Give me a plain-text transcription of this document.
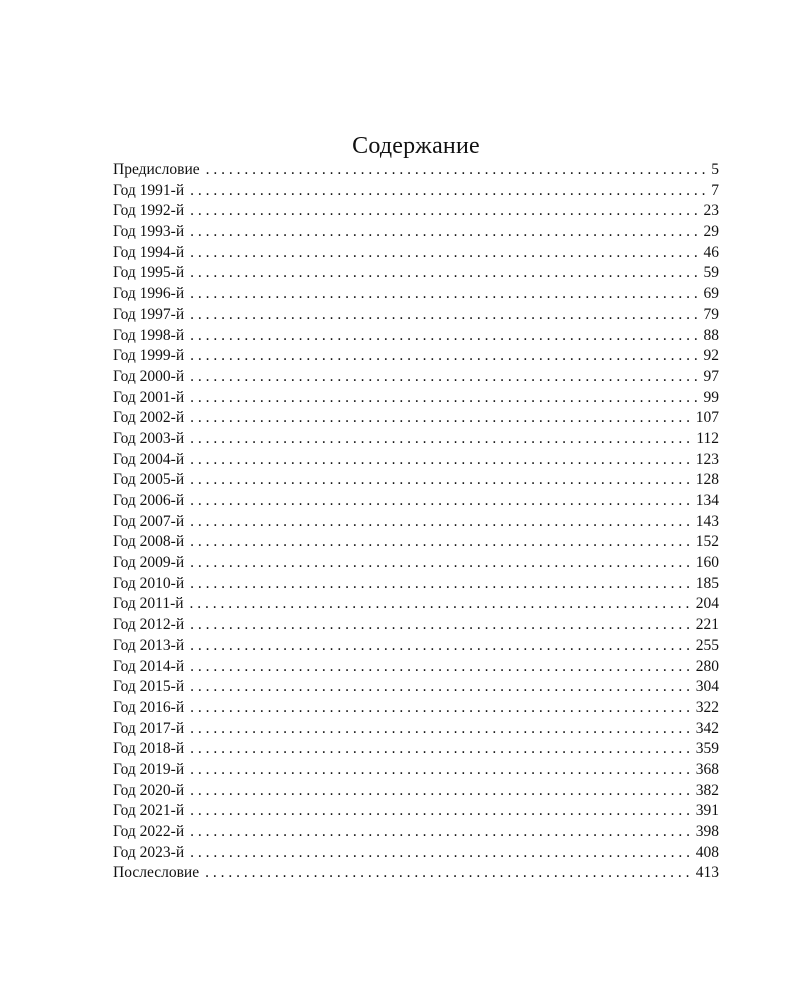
Содержание
Предисловие . . .	5
Год 1991-й . . .	7
Год 1992-й . . .	23
Год 1993-й . . .	29
Год 1994-й . . .	46
Год 1995-й . . .	59
Год 1996-й . . .	69
Год 1997-й . . .	79
Год 1998-й . . .	88
Год 1999-й . . .	92
Год 2000-й . . .	97
Год 2001-й . . .	99
Год 2002-й . . .	107
Год 2003-й . . .	112
Год 2004-й . . .	123
Год 2005-й . . .	128
Год 2006-й . . .	134
Год 2007-й . . .	143
Год 2008-й . . .	152
Год 2009-й . . .	160
Год 2010-й . . .	185
Год 2011-й . . .	204
Год 2012-й . . .	221
Год 2013-й . . .	255
Год 2014-й . . .	280
Год 2015-й . . .	304
Год 2016-й . . .	322
Год 2017-й . . .	342
Год 2018-й . . .	359
Год 2019-й . . .	368
Год 2020-й . . .	382
Год 2021-й . . .	391
Год 2022-й . . .	398
Год 2023-й . . .	408
Послесловие . . .	413
